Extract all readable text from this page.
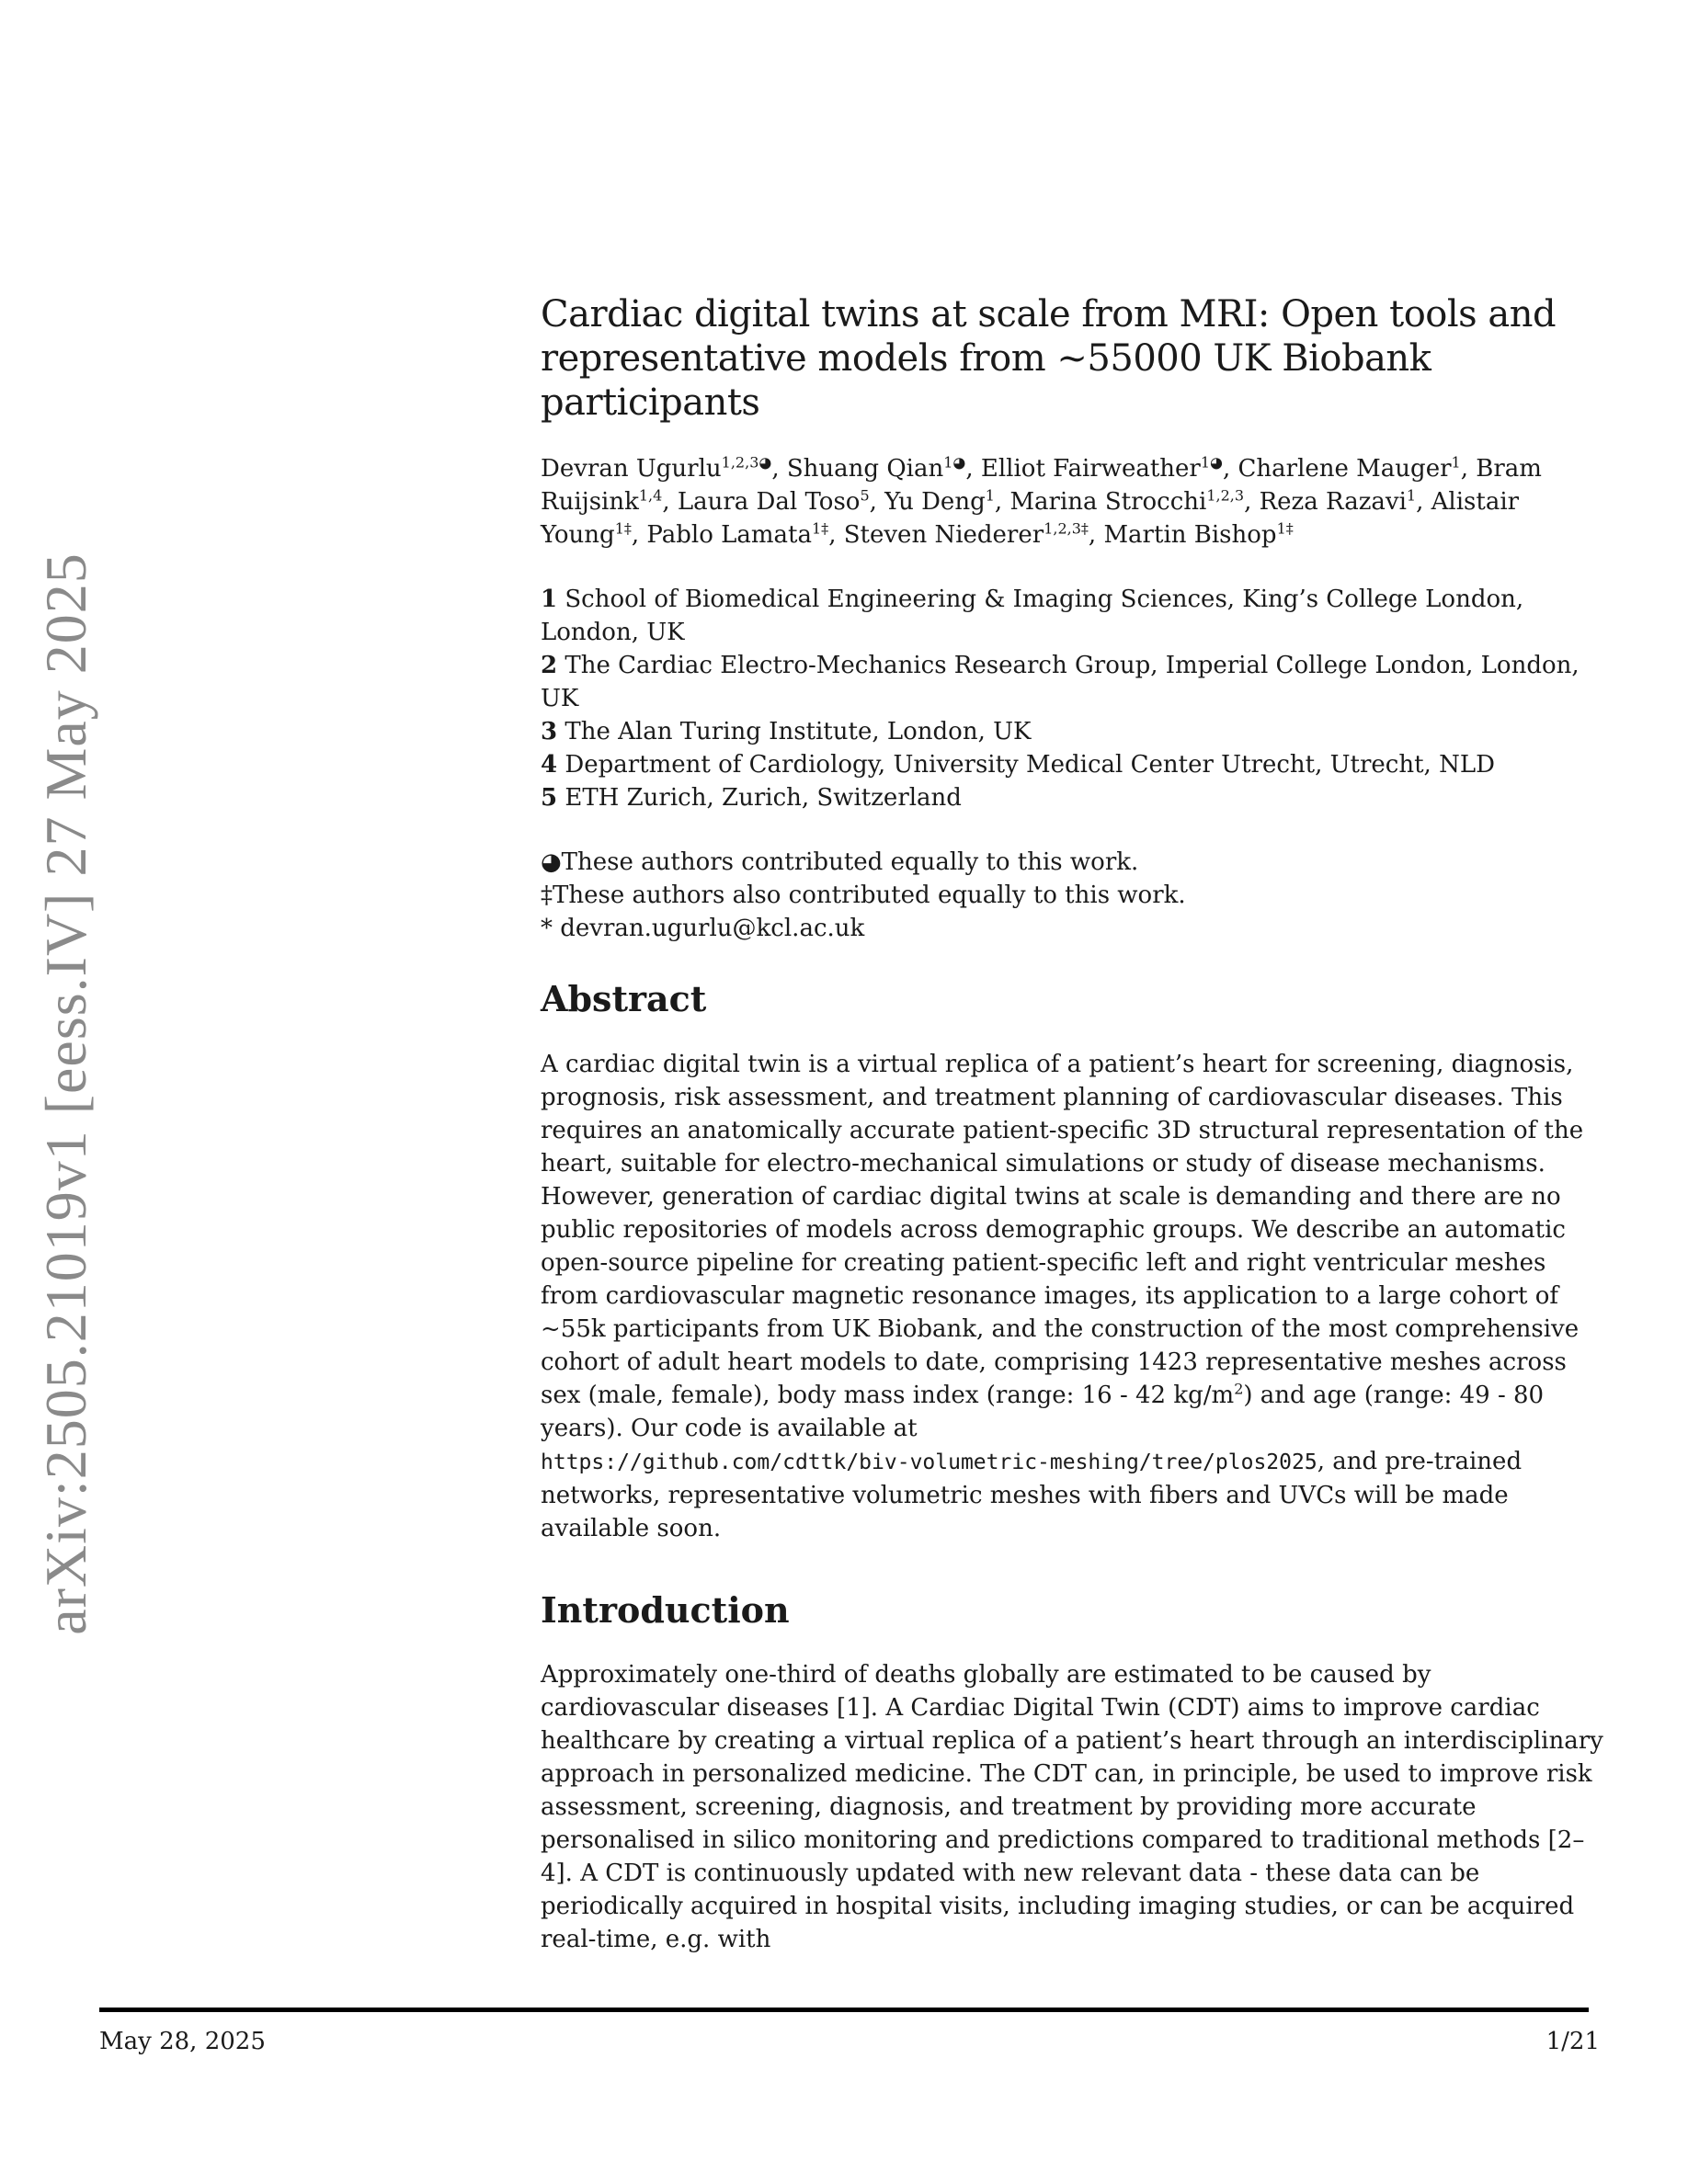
arXiv:2505.21019v1 [eess.IV] 27 May 2025
Cardiac digital twins at scale from MRI: Open tools and
representative models from ~55000 UK Biobank participants
Devran Ugurlu$^{1,2,3◕}$, Shuang Qian$^{1◕}$, Elliot Fairweather$^{1◕}$, Charlene Mauger$^1$, Bram Ruijsink$^{1,4}$, Laura Dal Toso$^5$, Yu Deng$^1$, Marina Strocchi$^{1,2,3}$, Reza Razavi$^1$, Alistair Young$^{1\ddagger}$, Pablo Lamata$^{1\ddagger}$, Steven Niederer$^{1,2,3\ddagger}$, Martin Bishop$^{1\ddagger}$
1 School of Biomedical Engineering & Imaging Sciences, King’s College London, London, UK
2 The Cardiac Electro-Mechanics Research Group, Imperial College London, London, UK
3 The Alan Turing Institute, London, UK
4 Department of Cardiology, University Medical Center Utrecht, Utrecht, NLD
5 ETH Zurich, Zurich, Switzerland
◕These authors contributed equally to this work.
‡These authors also contributed equally to this work.
* devran.ugurlu@kcl.ac.uk
Abstract

A cardiac digital twin is a virtual replica of a patient’s heart for screening, diagnosis, prognosis, risk assessment, and treatment planning of cardiovascular diseases. This requires an anatomically accurate patient-specific 3D structural representation of the heart, suitable for electro-mechanical simulations or study of disease mechanisms. However, generation of cardiac digital twins at scale is demanding and there are no public repositories of models across demographic groups. We describe an automatic open-source pipeline for creating patient-specific left and right ventricular meshes from cardiovascular magnetic resonance images, its application to a large cohort of ~55k participants from UK Biobank, and the construction of the most comprehensive cohort of adult heart models to date, comprising 1423 representative meshes across sex (male, female), body mass index (range: 16 - 42 $kg/m^2$) and age (range: 49 - 80 years). Our code is available at
https://github.com/cdttk/biv-volumetric-meshing/tree/plos2025, and pre-trained networks, representative volumetric meshes with fibers and UVCs will be made available soon.

Introduction

Approximately one-third of deaths globally are estimated to be caused by cardiovascular diseases [1]. A Cardiac Digital Twin (CDT) aims to improve cardiac healthcare by creating a virtual replica of a patient’s heart through an interdisciplinary approach in personalized medicine. The CDT can, in principle, be used to improve risk assessment, screening, diagnosis, and treatment by providing more accurate personalised in silico monitoring and predictions compared to traditional methods [2–4]. A CDT is continuously updated with new relevant data - these data can be periodically acquired in hospital visits, including imaging studies, or can be acquired real-time, e.g. with

May 28, 2025	1/21
